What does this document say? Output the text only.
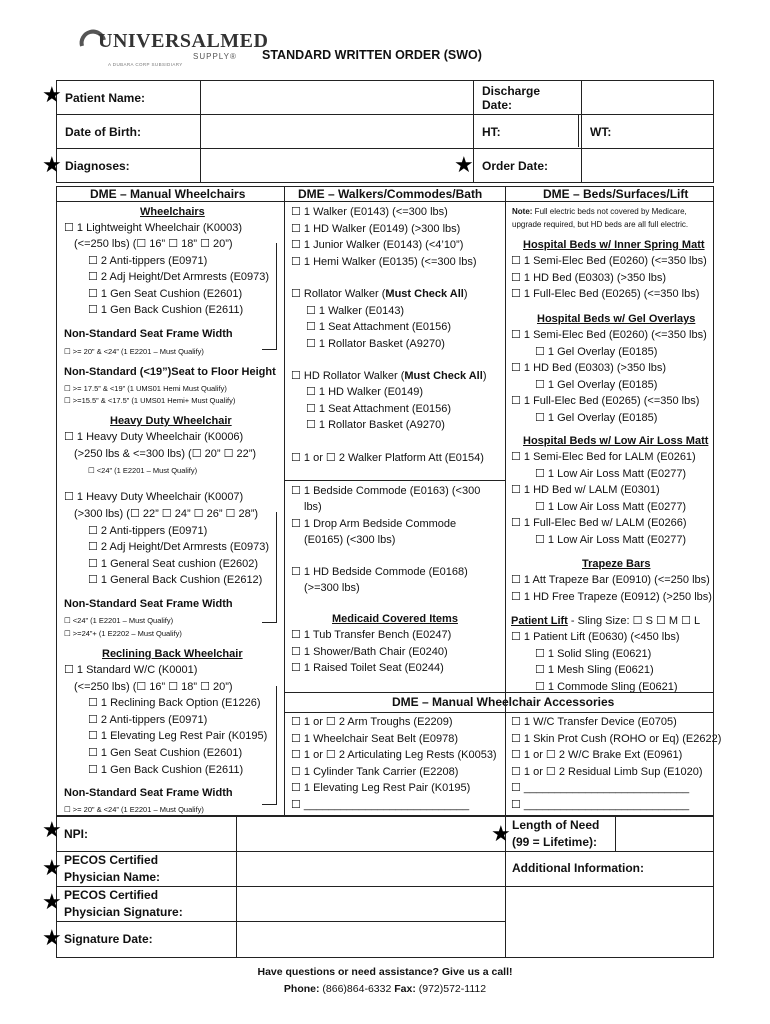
UNIVERSALMED
SUPPLY®
A DUBARA CORP SUBSIDIARY
STANDARD WRITTEN ORDER (SWO)
Patient Name:		Discharge Date:	
Date of Birth:		HT:	WT:
Diagnoses:		Order Date:	
★
★	★
DME – Manual Wheelchairs	DME – Walkers/Commodes/Bath	DME – Beds/Surfaces/Lift
Wheelchairs
☐ 1 Lightweight Wheelchair (K0003)
(<=250 lbs) (☐ 16” ☐ 18” ☐ 20”)
☐ 2 Anti-tippers (E0971)
☐ 2 Adj Height/Det Armrests (E0973)
☐ 1 Gen Seat Cushion (E2601)
☐ 1 Gen Back Cushion (E2611)
Non-Standard Seat Frame Width
☐ >= 20” & <24” (1 E2201 – Must Qualify)
Non-Standard (<19”)Seat to Floor Height
☐ >= 17.5” & <19” (1 UMS01 Hemi Must Qualify)
☐ >=15.5” & <17.5” (1 UMS01 Hemi+ Must Qualify)
Heavy Duty Wheelchair
☐ 1 Heavy Duty Wheelchair (K0006)
(>250 lbs & <=300 lbs) (☐ 20” ☐ 22”)
☐ <24” (1 E2201 – Must Qualify)
☐ 1 Heavy Duty Wheelchair (K0007)
(>300 lbs) (☐ 22” ☐ 24” ☐ 26” ☐ 28”)
☐ 2 Anti-tippers (E0971)
☐ 2 Adj Height/Det Armrests (E0973)
☐ 1 General Seat cushion (E2602)
☐ 1 General Back Cushion (E2612)
Non-Standard Seat Frame Width
☐ <24” (1 E2201 – Must Qualify)
☐ >=24”+ (1 E2202 – Must Qualify)
Reclining Back Wheelchair
☐ 1 Standard W/C (K0001)
(<=250 lbs) (☐ 16” ☐ 18” ☐ 20”)
☐ 1 Reclining Back Option (E1226)
☐ 2 Anti-tippers (E0971)
☐ 1 Elevating Leg Rest Pair (K0195)
☐ 1 Gen Seat Cushion (E2601)
☐ 1 Gen Back Cushion (E2611)
Non-Standard Seat Frame Width
☐ >= 20” & <24” (1 E2201 – Must Qualify)
☐ 1 Walker (E0143) (<=300 lbs)
☐ 1 HD Walker (E0149) (>300 lbs)
☐ 1 Junior Walker (E0143) (<4’10”)
☐ 1 Hemi Walker (E0135) (<=300 lbs)
☐ Rollator Walker (Must Check All)
☐ 1 Walker (E0143)
☐ 1 Seat Attachment (E0156)
☐ 1 Rollator Basket (A9270)
☐ HD Rollator Walker (Must Check All)
☐ 1 HD Walker (E0149)
☐ 1 Seat Attachment (E0156)
☐ 1 Rollator Basket (A9270)
☐ 1 or ☐ 2 Walker Platform Att (E0154)
☐ 1 Bedside Commode (E0163) (<300
lbs)
☐ 1 Drop Arm Bedside Commode
(E0165) (<300 lbs)
☐ 1 HD Bedside Commode (E0168)
(>=300 lbs)
Medicaid Covered Items
☐ 1 Tub Transfer Bench (E0247)
☐ 1 Shower/Bath Chair (E0240)
☐ 1 Raised Toilet Seat (E0244)
Note: Full electric beds not covered by Medicare,
upgrade required, but HD beds are all full electric.
Hospital Beds w/ Inner Spring Matt
☐ 1 Semi-Elec Bed (E0260) (<=350 lbs)
☐ 1 HD Bed (E0303) (>350 lbs)
☐ 1 Full-Elec Bed (E0265) (<=350 lbs)
Hospital Beds w/ Gel Overlays
☐ 1 Semi-Elec Bed (E0260) (<=350 lbs)
☐ 1 Gel Overlay (E0185)
☐ 1 HD Bed (E0303) (>350 lbs)
☐ 1 Gel Overlay (E0185)
☐ 1 Full-Elec Bed (E0265) (<=350 lbs)
☐ 1 Gel Overlay (E0185)
Hospital Beds w/ Low Air Loss Matt
☐ 1 Semi-Elec Bed for LALM (E0261)
☐ 1 Low Air Loss Matt (E0277)
☐ 1 HD Bed w/ LALM (E0301)
☐ 1 Low Air Loss Matt (E0277)
☐ 1 Full-Elec Bed w/ LALM (E0266)
☐ 1 Low Air Loss Matt (E0277)
Trapeze Bars
☐ 1 Att Trapeze Bar (E0910) (<=250 lbs)
☐ 1 HD Free Trapeze (E0912) (>250 lbs)
Patient Lift - Sling Size: ☐ S ☐ M ☐ L
☐ 1 Patient Lift (E0630) (<450 lbs)
☐ 1 Solid Sling (E0621)
☐ 1 Mesh Sling (E0621)
☐ 1 Commode Sling (E0621)
DME – Manual Wheelchair Accessories
☐ 1 or ☐ 2 Arm Troughs (E2209)
☐ 1 Wheelchair Seat Belt (E0978)
☐ 1 or ☐ 2 Articulating Leg Rests (K0053)
☐ 1 Cylinder Tank Carrier (E2208)
☐ 1 Elevating Leg Rest Pair (K0195)
☐ ___________________________
☐ 1 W/C Transfer Device (E0705)
☐ 1 Skin Prot Cush (ROHO or Eq) (E2622)
☐ 1 or ☐ 2 W/C Brake Ext (E0961)
☐ 1 or ☐ 2 Residual Limb Sup (E1020)
☐ ___________________________
☐ ___________________________
★
★
★
★
★
NPI:
PECOS Certified
Physician Name:
PECOS Certified
Physician Signature:
Signature Date:
Length of Need
(99 = Lifetime):
Additional Information:
Have questions or need assistance? Give us a call!
Phone: (866)864-6332 Fax: (972)572-1112
